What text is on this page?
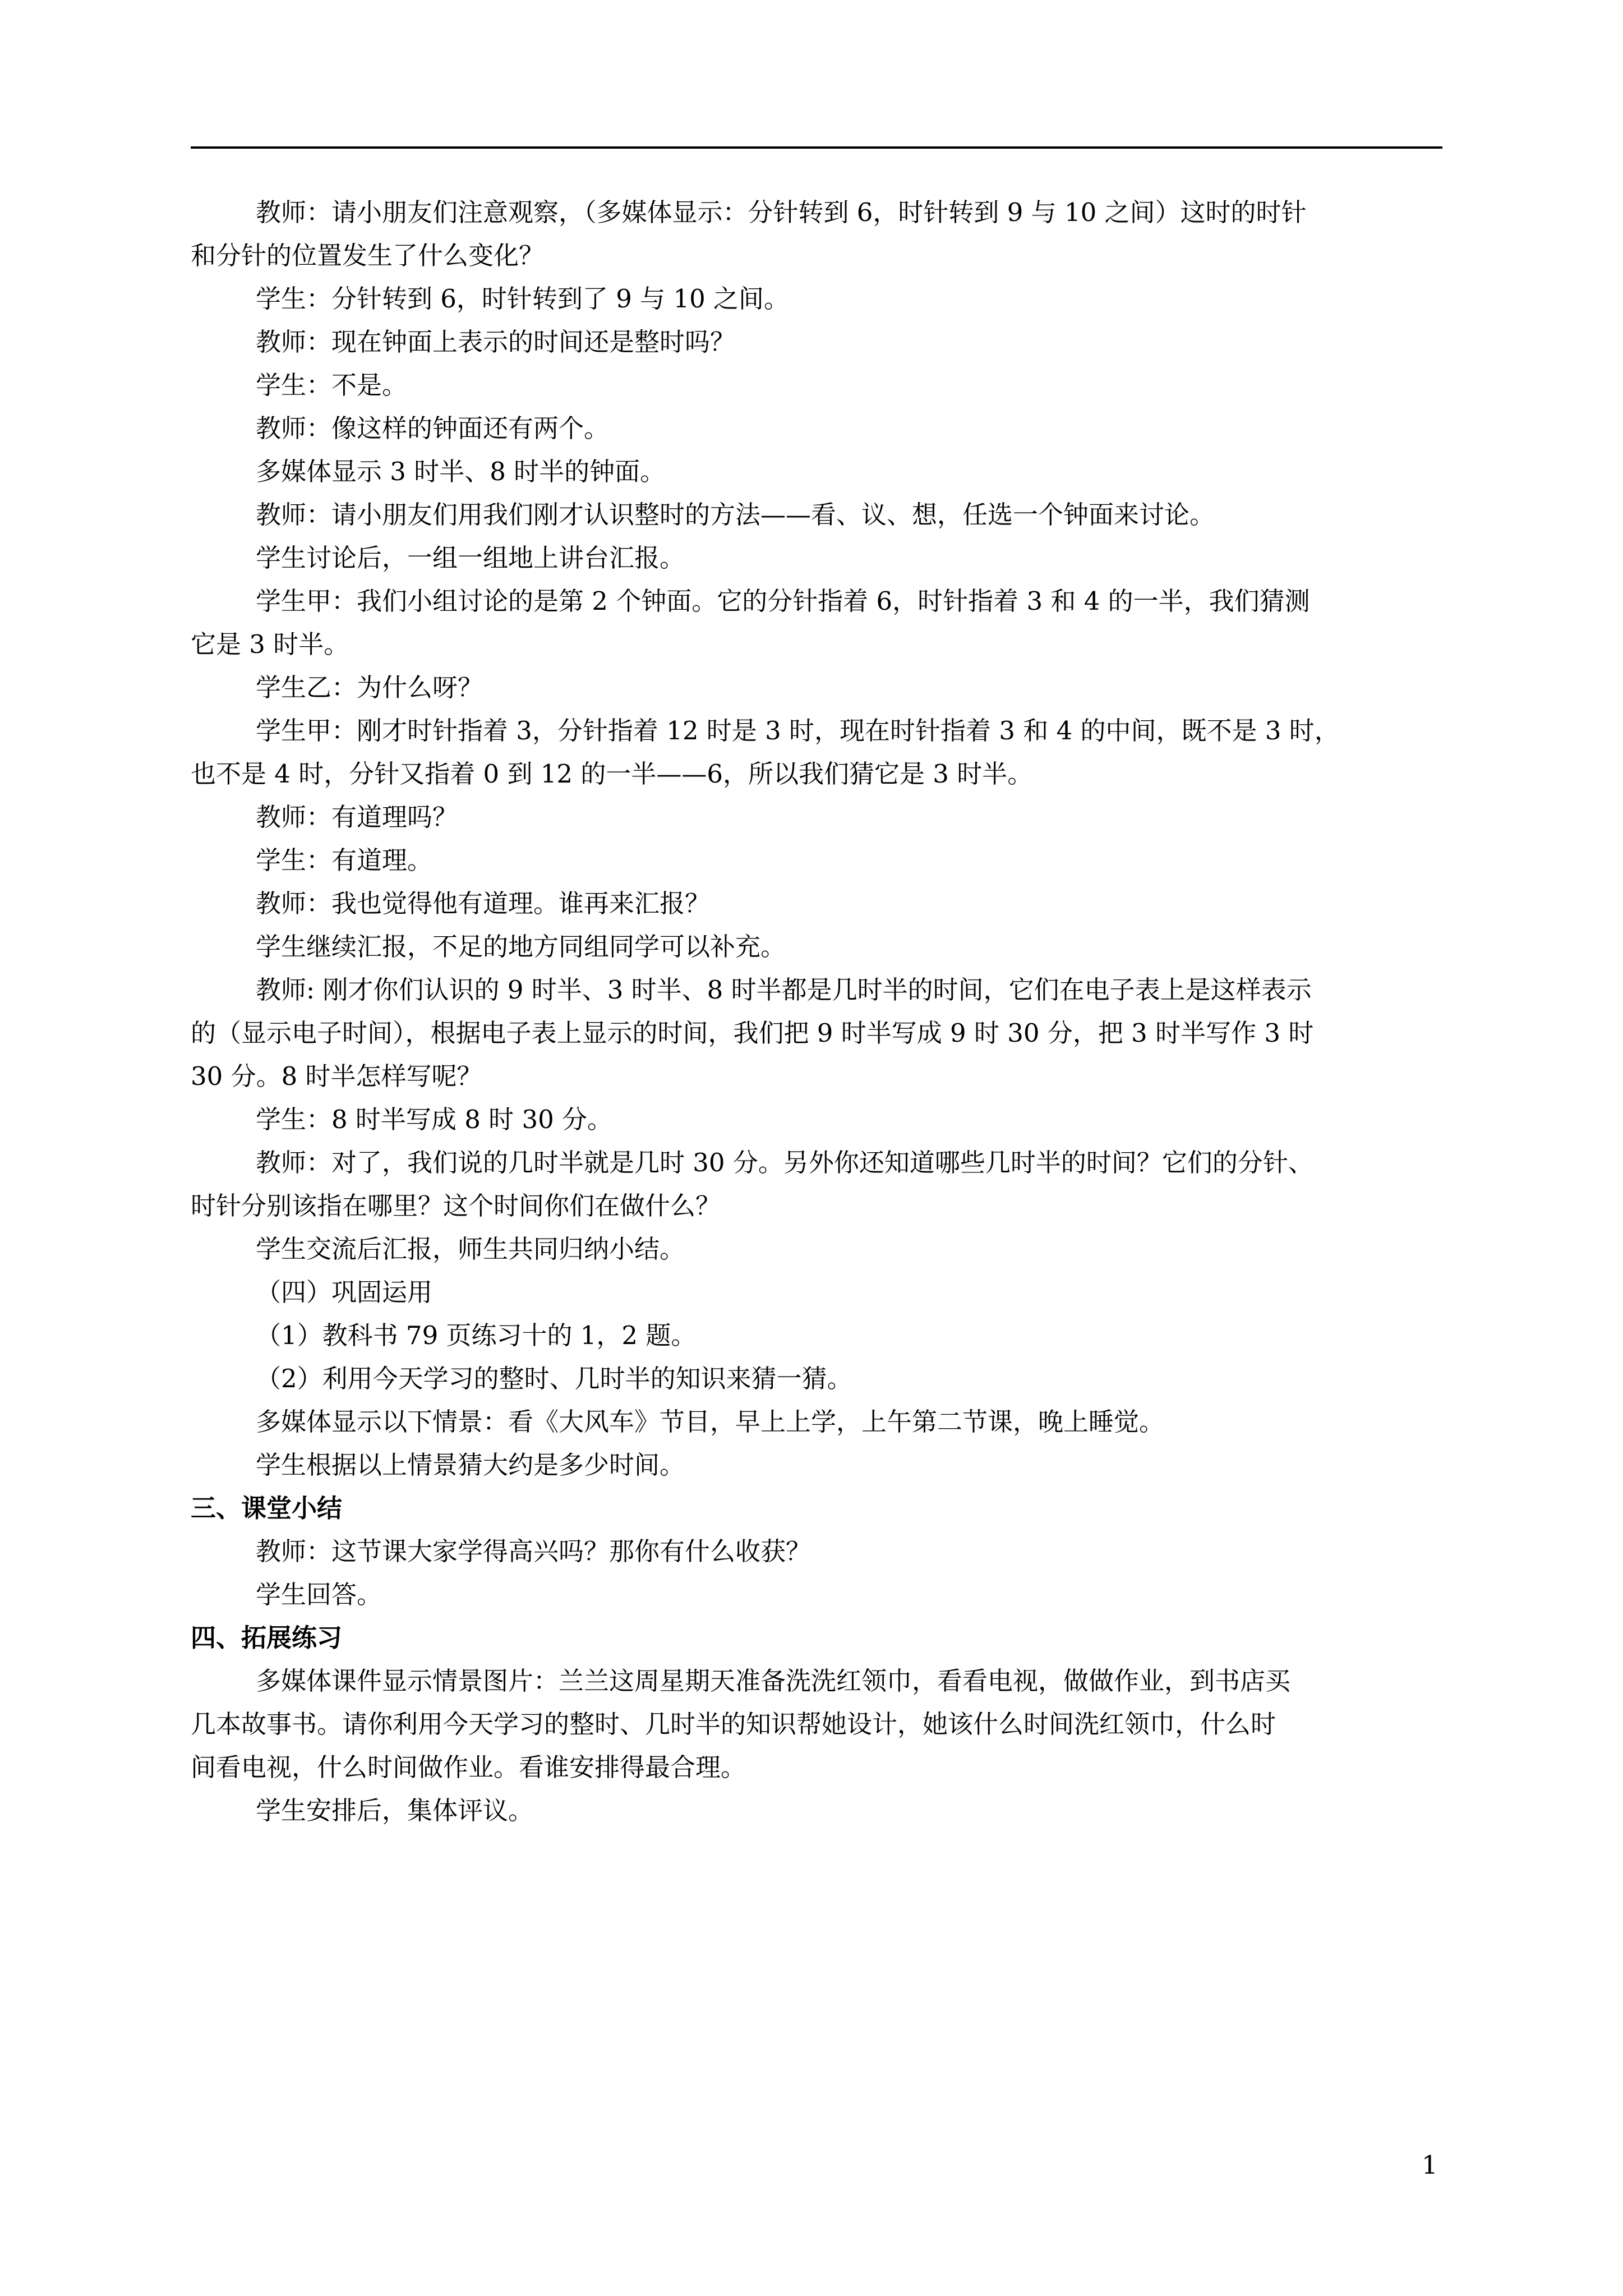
教师：请小朋友们注意观察，（多媒体显示：分针转到 6，时针转到 9 与 10 之间）这时的时针
和分针的位置发生了什么变化？
学生：分针转到 6，时针转到了 9 与 10 之间。
教师：现在钟面上表示的时间还是整时吗？
学生：不是。
教师：像这样的钟面还有两个。
多媒体显示 3 时半、8 时半的钟面。
教师：请小朋友们用我们刚才认识整时的方法——看、议、想，任选一个钟面来讨论。
学生讨论后，一组一组地上讲台汇报。
学生甲：我们小组讨论的是第 2 个钟面。它的分针指着 6，时针指着 3 和 4 的一半，我们猜测
它是 3 时半。
学生乙：为什么呀？
学生甲：刚才时针指着 3，分针指着 12 时是 3 时，现在时针指着 3 和 4 的中间，既不是 3 时，
也不是 4 时，分针又指着 0 到 12 的一半——6，所以我们猜它是 3 时半。
教师：有道理吗？
学生：有道理。
教师：我也觉得他有道理。谁再来汇报？
学生继续汇报，不足的地方同组同学可以补充。
教师: 刚才你们认识的 9 时半、3 时半、8 时半都是几时半的时间，它们在电子表上是这样表示
的（显示电子时间），根据电子表上显示的时间，我们把 9 时半写成 9 时 30 分，把 3 时半写作 3 时
30 分。8 时半怎样写呢？
学生：8 时半写成 8 时 30 分。
教师：对了，我们说的几时半就是几时 30 分。另外你还知道哪些几时半的时间？它们的分针、
时针分别该指在哪里？这个时间你们在做什么？
学生交流后汇报，师生共同归纳小结。
（四）巩固运用
（1）教科书 79 页练习十的 1，2 题。
（2）利用今天学习的整时、几时半的知识来猜一猜。
多媒体显示以下情景：看《大风车》节目，早上上学，上午第二节课，晚上睡觉。
学生根据以上情景猜大约是多少时间。
三、课堂小结
教师：这节课大家学得高兴吗？那你有什么收获？
学生回答。
四、拓展练习
多媒体课件显示情景图片：兰兰这周星期天准备洗洗红领巾，看看电视，做做作业，到书店买
几本故事书。请你利用今天学习的整时、几时半的知识帮她设计，她该什么时间洗红领巾，什么时
间看电视，什么时间做作业。看谁安排得最合理。
学生安排后，集体评议。
1
